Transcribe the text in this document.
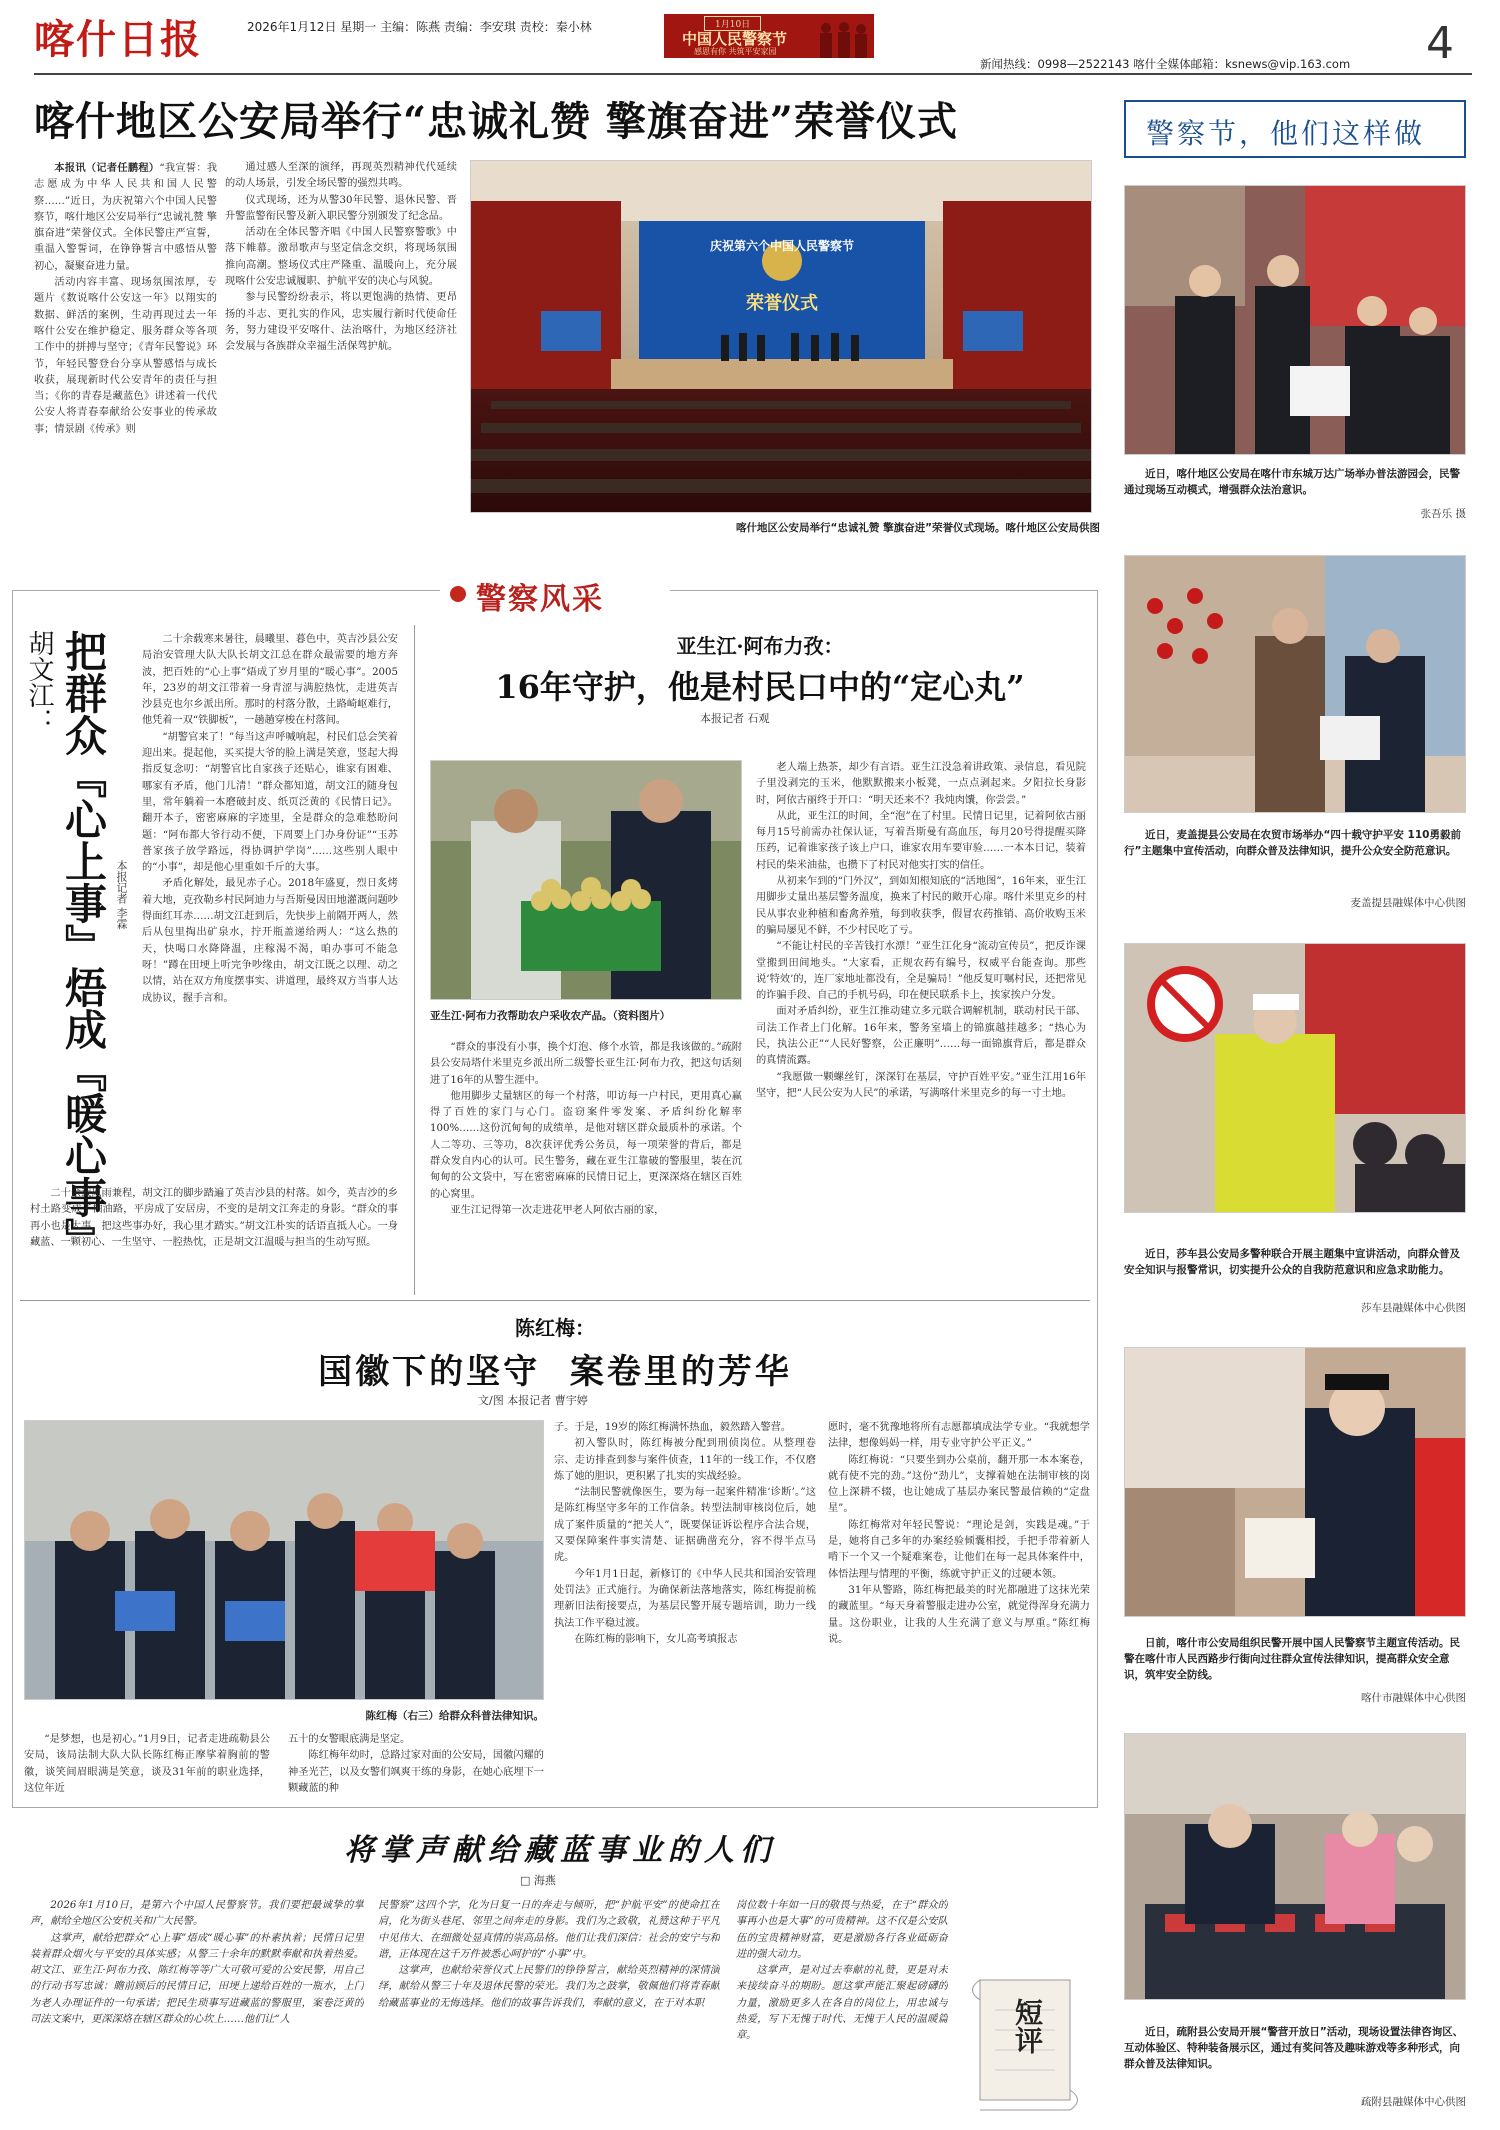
喀什日报	2026年1月12日 星期一 主编：陈燕 责编：李安琪 责校：秦小林	1月10日
中国人民警察节
感恩有你 共筑平安家园
新闻热线：0998—2522143 喀什全媒体邮箱：ksnews@vip.163.com 4
喀什地区公安局举行“忠诚礼赞 擎旗奋进”荣誉仪式

本报讯（记者任鹏程）“我宣誓：我志愿成为中华人民共和国人民警察……”近日，为庆祝第六个中国人民警察节，喀什地区公安局举行“忠诚礼赞 擎旗奋进”荣誉仪式。全体民警庄严宣誓，重温入警誓词，在铮铮誓言中感悟从警初心，凝聚奋进力量。

活动内容丰富、现场氛围浓厚，专题片《数说喀什公安这一年》以翔实的数据、鲜活的案例，生动再现过去一年喀什公安在维护稳定、服务群众等各项工作中的拼搏与坚守；《青年民警说》环节，年轻民警登台分享从警感悟与成长收获，展现新时代公安青年的责任与担当；《你的青春是藏蓝色》讲述着一代代公安人将青春奉献给公安事业的传承故事；情景剧《传承》则

通过感人至深的演绎，再现英烈精神代代延续的动人场景，引发全场民警的强烈共鸣。

仪式现场，还为从警30年民警、退休民警、晋升警监警衔民警及新入职民警分别颁发了纪念品。

活动在全体民警齐唱《中国人民警察警歌》中落下帷幕。激昂歌声与坚定信念交织，将现场氛围推向高潮。整场仪式庄严隆重、温暖向上，充分展现喀什公安忠诚履职、护航平安的决心与风貌。

参与民警纷纷表示，将以更饱满的热情、更昂扬的斗志、更扎实的作风，忠实履行新时代使命任务，努力建设平安喀什、法治喀什，为地区经济社会发展与各族群众幸福生活保驾护航。

庆祝第六个中国人民警察节
荣誉仪式
喀什地区公安局举行“忠诚礼赞 擎旗奋进”荣誉仪式现场。喀什地区公安局供图
警察节，他们这样做
近日，喀什地区公安局在喀什市东城万达广场举办普法游园会，民警通过现场互动模式，增强群众法治意识。
张吾乐 摄
近日，麦盖提县公安局在农贸市场举办“四十载守护平安 110勇毅前行”主题集中宣传活动，向群众普及法律知识，提升公众安全防范意识。
麦盖提县融媒体中心供图
近日，莎车县公安局多警种联合开展主题集中宣讲活动，向群众普及安全知识与报警常识，切实提升公众的自我防范意识和应急求助能力。
莎车县融媒体中心供图
日前，喀什市公安局组织民警开展中国人民警察节主题宣传活动。民警在喀什市人民西路步行街向过往群众宣传法律知识，提高群众安全意识，筑牢安全防线。
喀什市融媒体中心供图
近日，疏附县公安局开展“警营开放日”活动，现场设置法律咨询区、互动体验区、特种装备展示区，通过有奖问答及趣味游戏等多种形式，向群众普及法律知识。
疏附县融媒体中心供图
警察风采
胡文江： 把群众『心上事』焐成『暖心事』 本报记者 李霖

二十余载寒来暑往，晨曦里、暮色中，英吉沙县公安局治安管理大队大队长胡文江总在群众最需要的地方奔波，把百姓的“心上事”焐成了岁月里的“暖心事”。2005年，23岁的胡文江带着一身青涩与满腔热忱，走进英吉沙县克也尔乡派出所。那时的村落分散，土路崎岖难行，他凭着一双“铁脚板”，一趟趟穿梭在村落间。

“胡警官来了！”每当这声呼喊响起，村民们总会笑着迎出来。提起他，买买提大爷的脸上满是笑意，竖起大拇指反复念叨：“胡警官比自家孩子还贴心，谁家有困难、哪家有矛盾，他门儿清！”群众都知道，胡文江的随身包里，常年躺着一本磨破封皮、纸页泛黄的《民情日记》。翻开本子，密密麻麻的字迹里，全是群众的急难愁盼问题：“阿布都大爷行动不便，下周要上门办身份证”“玉苏普家孩子放学路远，得协调护学岗”……这些别人眼中的“小事”，却是他心里重如千斤的大事。

矛盾化解处，最见赤子心。2018年盛夏，烈日炙烤着大地，克孜勒乡村民阿迪力与吾斯曼因田地灌溉问题吵得面红耳赤……胡文江赶到后，先快步上前隔开两人，然后从包里掏出矿泉水，拧开瓶盖递给两人：“这么热的天，快喝口水降降温，庄稼渴不渴，咱办事可不能急呀！”蹲在田埂上听完争吵缘由，胡文江既之以理、动之以情，站在双方角度摆事实、讲道理，最终双方当事人达成协议，握手言和。

二十余载风雨兼程，胡文江的脚步踏遍了英吉沙县的村落。如今，英吉沙的乡村土路变成了柏油路，平房成了安居房，不变的是胡文江奔走的身影。“群众的事再小也是大事，把这些事办好，我心里才踏实。”胡文江朴实的话语直抵人心。一身藏蓝、一颗初心、一生坚守、一腔热忱，正是胡文江温暖与担当的生动写照。

亚生江·阿布力孜：
16年守护，他是村民口中的“定心丸”
本报记者 石观
亚生江·阿布力孜帮助农户采收农产品。（资料图片）

“群众的事没有小事，换个灯泡、修个水管，都是我该做的。”疏附县公安局塔什米里克乡派出所二级警长亚生江·阿布力孜，把这句话刻进了16年的从警生涯中。

他用脚步丈量辖区的每一个村落，叩访每一户村民，更用真心赢得了百姓的家门与心门。盗窃案件零发案、矛盾纠纷化解率100%……这份沉甸甸的成绩单，是他对辖区群众最质朴的承诺。个人二等功、三等功，8次获评优秀公务员，每一项荣誉的背后，都是群众发自内心的认可。民生警务，藏在亚生江靠破的警服里，装在沉甸甸的公文袋中，写在密密麻麻的民情日记上，更深深烙在辖区百姓的心窝里。

亚生江记得第一次走进花甲老人阿依古丽的家，

老人端上热茶，却少有言语。亚生江没急着讲政策、录信息，看见院子里没剥完的玉米，他默默搬来小板凳，一点点剥起来。夕阳拉长身影时，阿依古丽终于开口：“明天还来不？我炖肉馕，你尝尝。”

从此，亚生江的时间，全“泡”在了村里。民情日记里，记着阿依古丽每月15号前需办社保认证，写着吾斯曼有高血压，每月20号得提醒买降压药，记着谁家孩子该上户口，谁家农用车要审验……一本本日记，装着村民的柴米油盐，也攒下了村民对他实打实的信任。

从初来乍到的“门外汉”，到如知根知底的“活地图”，16年来，亚生江用脚步丈量出基层警务温度，换来了村民的敞开心扉。喀什米里克乡的村民从事农业种植和畜禽养殖，每到收获季，假冒农药推销、高价收购玉米的骗局屡见不鲜，不少村民吃了亏。

“不能让村民的辛苦钱打水漂！”亚生江化身“流动宣传员”，把反诈课堂搬到田间地头。“大家看，正规农药有编号，权威平台能查询。那些说‘特效’的，连厂家地址都没有，全是骗局！”他反复叮嘱村民，还把常见的诈骗手段、自己的手机号码，印在便民联系卡上，挨家挨户分发。

面对矛盾纠纷，亚生江推动建立多元联合调解机制，联动村民干部、司法工作者上门化解。16年来，警务室墙上的锦旗越挂越多；“热心为民，执法公正”“人民好警察，公正廉明”……每一面锦旗背后，都是群众的真情流露。

“我愿做一颗螺丝钉，深深钉在基层，守护百姓平安。”亚生江用16年坚守，把“人民公安为人民”的承诺，写满喀什米里克乡的每一寸土地。

陈红梅：
国徽下的坚守  案卷里的芳华
文/图 本报记者 曹宇婷
陈红梅（右三）给群众科普法律知识。

“是梦想，也是初心。”1月9日，记者走进疏勒县公安局，该局法制大队大队长陈红梅正摩挲着胸前的警徽，谈笑间眉眼满是笑意，谈及31年前的职业选择，这位年近

五十的女警眼底满是坚定。

陈红梅年幼时，总路过家对面的公安局，国徽闪耀的神圣光芒，以及女警们飒爽干练的身影，在她心底埋下一颗藏蓝的种

子。于是，19岁的陈红梅满怀热血，毅然踏入警营。

初入警队时，陈红梅被分配到刑侦岗位。从整理卷宗、走访排查到参与案件侦查，11年的一线工作，不仅磨炼了她的胆识，更积累了扎实的实战经验。

“法制民警就像医生，要为每一起案件精准‘诊断’。”这是陈红梅坚守多年的工作信条。转型法制审核岗位后，她成了案件质量的“把关人”，既要保证诉讼程序合法合规，又要保障案件事实清楚、证据确凿充分，容不得半点马虎。

今年1月1日起，新修订的《中华人民共和国治安管理处罚法》正式施行。为确保新法落地落实，陈红梅提前梳理新旧法衔接要点，为基层民警开展专题培训，助力一线执法工作平稳过渡。

在陈红梅的影响下，女儿高考填报志

愿时，毫不犹豫地将所有志愿都填成法学专业。“我就想学法律，想像妈妈一样，用专业守护公平正义。”

陈红梅说：“只要坐到办公桌前，翻开那一本本案卷，就有使不完的劲。”这份“劲儿”，支撑着她在法制审核的岗位上深耕不辍，也让她成了基层办案民警最信赖的“定盘星”。

陈红梅常对年轻民警说：“理论是剑，实践是魂。”于是，她将自己多年的办案经验倾囊相授，手把手带着新人啃下一个又一个疑难案卷，让他们在每一起具体案件中，体悟法理与情理的平衡，练就守护正义的过硬本领。

31年从警路，陈红梅把最美的时光都融进了这抹光荣的藏蓝里。“每天身着警服走进办公室，就觉得浑身充满力量。这份职业，让我的人生充满了意义与厚重。”陈红梅说。

将掌声献给藏蓝事业的人们
□ 海燕

2026年1月10日，是第六个中国人民警察节。我们要把最诚挚的掌声，献给全地区公安机关和广大民警。

这掌声，献给把群众“心上事”焐成“暖心事”的朴素执着；民情日记里装着群众烟火与平安的具体实感；从警三十余年的默默奉献和执着热爱。胡文江、亚生江·阿布力孜、陈红梅等等广大可敬可爱的公安民警，用自己的行动书写忠诚：瞻前顾后的民情日记，田埂上递给百姓的一瓶水，上门为老人办理证件的一句承诺；把民生琐事写进藏蓝的警服里，案卷泛黄的司法文案中，更深深烙在辖区群众的心坎上……他们让“人

民警察”这四个字，化为日复一日的奔走与倾听，把“护航平安”的使命扛在肩，化为街头巷尾、邻里之间奔走的身影。我们为之致敬，礼赞这种于平凡中见伟大、在细微处显真情的崇高品格。他们让我们深信：社会的安宁与和谐，正体现在这千万件被悉心呵护的“小事”中。

这掌声，也献给荣誉仪式上民警们的铮铮誓言，献给英烈精神的深情演绎，献给从警三十年及退休民警的荣光。我们为之鼓掌，敬佩他们将青春献给藏蓝事业的无悔选择。他们的故事告诉我们，奉献的意义，在于对本职

岗位数十年如一日的敬畏与热爱，在于“群众的事再小也是大事”的可贵精神。这不仅是公安队伍的宝贵精神财富，更是激励各行各业砥砺奋进的强大动力。

这掌声，是对过去奉献的礼赞，更是对未来接续奋斗的期盼。愿这掌声能汇聚起磅礴的力量，激励更多人在各自的岗位上，用忠诚与热爱，写下无愧于时代、无愧于人民的温暖篇章。	短评
